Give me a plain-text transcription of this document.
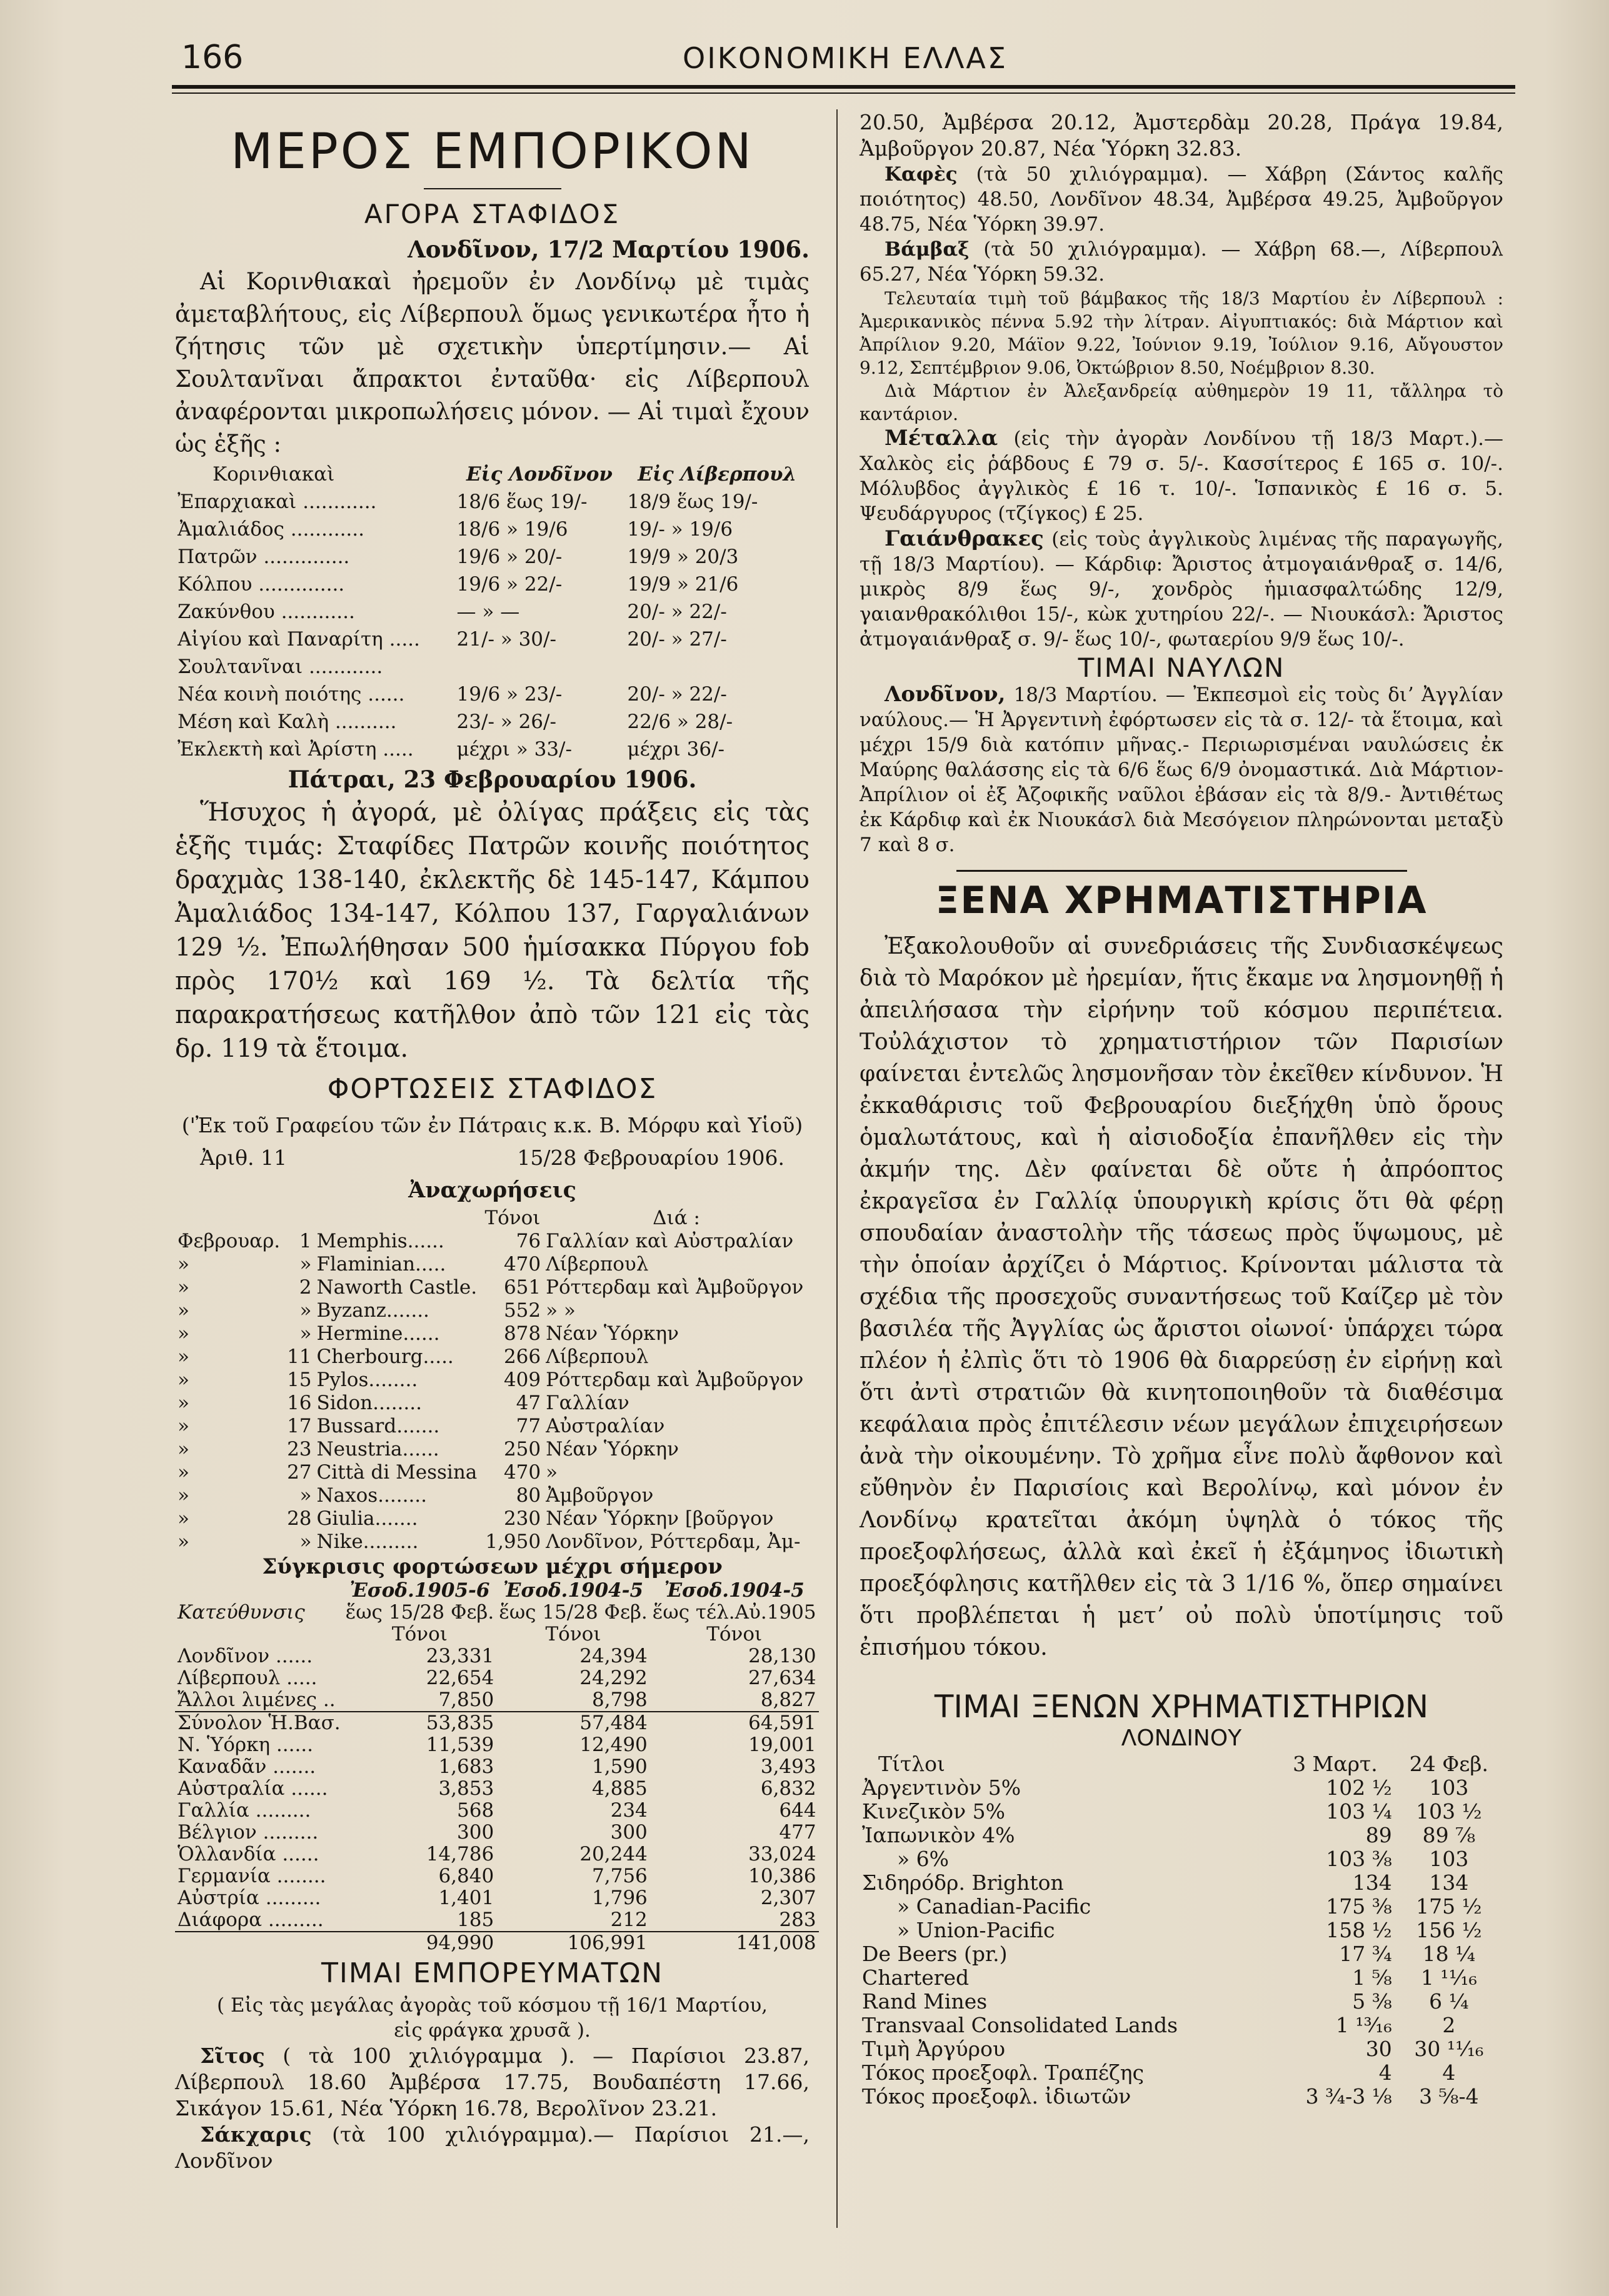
166	ΟΙΚΟΝΟΜΙΚΗ ΕΛΛΑΣ
ΜΕΡΟΣ ΕΜΠΟΡΙΚΟΝ
ΑΓΟΡΑ ΣΤΑΦΙΔΟΣ
Λονδῖνον, 17/2 Μαρτίου 1906.

Αἱ Κορινθιακαὶ ἠρεμοῦν ἐν Λονδίνῳ μὲ τιμὰς ἀμεταβλήτους, εἰς Λίβερπουλ ὅμως γενικωτέρα ἦτο ἡ ζήτησις τῶν μὲ σχετικὴν ὑπερτίμησιν.— Αἱ Σουλτανῖναι ἄπρακτοι ἐνταῦθα· εἰς Λίβερπουλ ἀναφέρονται μικροπωλήσεις μόνον. — Αἱ τιμαὶ ἔχουν ὡς ἑξῆς :

Κορινθιακαὶ	Εἰς Λονδῖνον	Εἰς Λίβερπουλ
Ἐπαρχιακαὶ ............	18/6 ἕως 19/-	18/9 ἕως 19/-
Ἀμαλιάδος ............	18/6 » 19/6	19/- » 19/6
Πατρῶν ..............	19/6 » 20/-	19/9 » 20/3
Κόλπου ..............	19/6 » 22/-	19/9 » 21/6
Ζακύνθου ............	— » —	20/- » 22/-
Αἰγίου καὶ Παναρίτη .....	21/- » 30/-	20/- » 27/-
Σουλτανῖναι ............		
Νέα κοινὴ ποιότης ......	19/6 » 23/-	20/- » 22/-
Μέση καὶ Καλὴ ..........	23/- » 26/-	22/6 » 28/-
Ἐκλεκτὴ καὶ Ἀρίστη .....	μέχρι » 33/-	μέχρι 36/-
Πάτραι, 23 Φεβρουαρίου 1906.

Ἥσυχος ἡ ἀγορά, μὲ ὀλίγας πράξεις εἰς τὰς ἑξῆς τιμάς: Σταφίδες Πατρῶν κοινῆς ποιότητος δραχμὰς 138-140, ἐκλεκτῆς δὲ 145-147, Κάμπου Ἀμαλιάδος 134-147, Κόλπου 137, Γαργαλιάνων 129 ½. Ἐπωλήθησαν 500 ἡμίσακκα Πύργου fob πρὸς 170½ καὶ 169 ½. Τὰ δελτία τῆς παρακρατήσεως κατῆλθον ἀπὸ τῶν 121 εἰς τὰς δρ. 119 τὰ ἕτοιμα.

ΦΟΡΤΩΣΕΙΣ ΣΤΑΦΙΔΟΣ
('Ἐκ τοῦ Γραφείου τῶν ἐν Πάτραις κ.κ. Β. Μόρφυ καὶ Υἱοῦ)
Ἀριθ. 11	15/28 Φεβρουαρίου 1906.
Ἀναχωρήσεις
			Τόνοι	Διά :
Φεβρουαρ.	1	Memphis......	76	Γαλλίαν καὶ Αὐστραλίαν
»	»	Flaminian.....	470	Λίβερπουλ
»	2	Naworth Castle.	651	Ρόττερδαμ καὶ Ἀμβοῦργον
»	»	Byzanz.......	552	» »
»	»	Hermine......	878	Νέαν Ὑόρκην
»	11	Cherbourg.....	266	Λίβερπουλ
»	15	Pylos........	409	Ρόττερδαμ καὶ Ἀμβοῦργον
»	16	Sidon........	47	Γαλλίαν
»	17	Bussard.......	77	Αὐστραλίαν
»	23	Neustria......	250	Νέαν Ὑόρκην
»	27	Città di Messina	470	»
»	»	Naxos........	80	Ἀμβοῦργον
»	28	Giulia.......	230	Νέαν Ὑόρκην [βοῦργον
»	»	Nike.........	1,950	Λονδῖνον, Ρόττερδαμ, Ἀμ-
Σύγκρισις φορτώσεων μέχρι σήμερον
	Ἐσοδ.1905-6	Ἐσοδ.1904-5	Ἐσοδ.1904-5
Κατεύθυνσις	ἕως 15/28 Φεβ.	ἕως 15/28 Φεβ.	ἕως τέλ.Αὐ.1905
	Τόνοι	Τόνοι	Τόνοι
Λονδῖνον ......	23,331	24,394	28,130
Λίβερπουλ .....	22,654	24,292	27,634
Ἄλλοι λιμένες ..	7,850	8,798	8,827
Σύνολον Ἡ.Βασ.	53,835	57,484	64,591
Ν. Ὑόρκη ......	11,539	12,490	19,001
Καναδᾶν .......	1,683	1,590	3,493
Αὐστραλία ......	3,853	4,885	6,832
Γαλλία .........	568	234	644
Βέλγιον .........	300	300	477
Ὁλλανδία ......	14,786	20,244	33,024
Γερμανία ........	6,840	7,756	10,386
Αὐστρία .........	1,401	1,796	2,307
Διάφορα .........	185	212	283
	94,990	106,991	141,008
ΤΙΜΑΙ ΕΜΠΟΡΕΥΜΑΤΩΝ
( Εἰς τὰς μεγάλας ἀγορὰς τοῦ κόσμου τῇ 16/1 Μαρτίου, εἰς φράγκα χρυσᾶ ).

Σῖτος ( τὰ 100 χιλιόγραμμα ). — Παρίσιοι 23.87, Λίβερπουλ 18.60 Ἀμβέρσα 17.75, Βουδαπέστη 17.66, Σικάγον 15.61, Νέα Ὑόρκη 16.78, Βερολῖνον 23.21.

Σάκχαρις (τὰ 100 χιλιόγραμμα).— Παρίσιοι 21.—, Λονδῖνον

20.50, Ἀμβέρσα 20.12, Ἀμστερδὰμ 20.28, Πράγα 19.84, Ἀμβοῦργον 20.87, Νέα Ὑόρκη 32.83.

Καφὲς (τὰ 50 χιλιόγραμμα). — Χάβρη (Σάντος καλῆς ποιότητος) 48.50, Λονδῖνον 48.34, Ἀμβέρσα 49.25, Ἀμβοῦργον 48.75, Νέα Ὑόρκη 39.97.

Βάμβαξ (τὰ 50 χιλιόγραμμα). — Χάβρη 68.—, Λίβερπουλ 65.27, Νέα Ὑόρκη 59.32.

Τελευταία τιμὴ τοῦ βάμβακος τῆς 18/3 Μαρτίου ἐν Λίβερπουλ : Ἀμερικανικὸς πέννα 5.92 τὴν λίτραν. Αἰγυπτιακός: διὰ Μάρτιον καὶ Ἀπρίλιον 9.20, Μάϊον 9.22, Ἰούνιον 9.19, Ἰούλιον 9.16, Αὔγουστον 9.12, Σεπτέμβριον 9.06, Ὀκτώβριον 8.50, Νοέμβριον 8.30.

Διὰ Μάρτιον ἐν Ἀλεξανδρείᾳ αὐθημερὸν 19 11, τἄλληρα τὸ καντάριον.

Μέταλλα (εἰς τὴν ἀγορὰν Λονδίνου τῇ 18/3 Μαρτ.).—Χαλκὸς εἰς ῥάβδους £ 79 σ. 5/-. Κασσίτερος £ 165 σ. 10/-. Μόλυβδος ἀγγλικὸς £ 16 τ. 10/-. Ἱσπανικὸς £ 16 σ. 5. Ψευδάργυρος (τζίγκος) £ 25.

Γαιάνθρακες (εἰς τοὺς ἀγγλικοὺς λιμένας τῆς παραγωγῆς, τῇ 18/3 Μαρτίου). — Κάρδιφ: Ἄριστος ἀτμογαιάνθραξ σ. 14/6, μικρὸς 8/9 ἕως 9/-, χονδρὸς ἡμιασφαλτώδης 12/9, γαιανθρακόλιθοι 15/-, κὼκ χυτηρίου 22/-. — Νιουκάσλ: Ἄριστος ἀτμογαιάνθραξ σ. 9/- ἕως 10/-, φωταερίου 9/9 ἕως 10/-.

ΤΙΜΑΙ ΝΑΥΛΩΝ

Λονδῖνον, 18/3 Μαρτίου. — Ἐκπεσμοὶ εἰς τοὺς διʼ Ἀγγλίαν ναύλους.— Ἡ Ἀργεντινὴ ἐφόρτωσεν εἰς τὰ σ. 12/- τὰ ἕτοιμα, καὶ μέχρι 15/9 διὰ κατόπιν μῆνας.- Περιωρισμέναι ναυλώσεις ἐκ Μαύρης θαλάσσης εἰς τὰ 6/6 ἕως 6/9 ὀνομαστικά. Διὰ Μάρτιον-Ἀπρίλιον οἱ ἐξ Ἀζοφικῆς ναῦλοι ἐβάσαν εἰς τὰ 8/9.- Ἀντιθέτως ἐκ Κάρδιφ καὶ ἐκ Νιουκάσλ διὰ Μεσόγειον πληρώνονται μεταξὺ 7 καὶ 8 σ.

ΞΕΝΑ ΧΡΗΜΑΤΙΣΤΗΡΙΑ

Ἐξακολουθοῦν αἱ συνεδριάσεις τῆς Συνδιασκέψεως διὰ τὸ Μαρόκον μὲ ἠρεμίαν, ἥτις ἔκαμε να λησμονηθῇ ἡ ἀπειλήσασα τὴν εἰρήνην τοῦ κόσμου περιπέτεια. Τοὐλάχιστον τὸ χρηματιστήριον τῶν Παρισίων φαίνεται ἐντελῶς λησμονῆσαν τὸν ἐκεῖθεν κίνδυνον. Ἡ ἐκκαθάρισις τοῦ Φεβρουαρίου διεξήχθη ὑπὸ ὅρους ὁμαλωτάτους, καὶ ἡ αἰσιοδοξία ἐπανῆλθεν εἰς τὴν ἀκμήν της. Δὲν φαίνεται δὲ οὔτε ἡ ἀπρόοπτος ἐκραγεῖσα ἐν Γαλλίᾳ ὑπουργικὴ κρίσις ὅτι θὰ φέρῃ σπουδαίαν ἀναστολὴν τῆς τάσεως πρὸς ὕψωμους, μὲ τὴν ὁποίαν ἀρχίζει ὁ Μάρτιος. Κρίνονται μάλιστα τὰ σχέδια τῆς προσεχοῦς συναντήσεως τοῦ Καίζερ μὲ τὸν βασιλέα τῆς Ἀγγλίας ὡς ἄριστοι οἰωνοί· ὑπάρχει τώρα πλέον ἡ ἐλπὶς ὅτι τὸ 1906 θὰ διαρρεύσῃ ἐν εἰρήνῃ καὶ ὅτι ἀντὶ στρατιῶν θὰ κινητοποιηθοῦν τὰ διαθέσιμα κεφάλαια πρὸς ἐπιτέλεσιν νέων μεγάλων ἐπιχειρήσεων ἀνὰ τὴν οἰκουμένην. Τὸ χρῆμα εἶνε πολὺ ἄφθονον καὶ εὔθηνὸν ἐν Παρισίοις καὶ Βερολίνῳ, καὶ μόνον ἐν Λονδίνῳ κρατεῖται ἀκόμη ὑψηλὰ ὁ τόκος τῆς προεξοφλήσεως, ἀλλὰ καὶ ἐκεῖ ἡ ἐξάμηνος ἰδιωτικὴ προεξόφλησις κατῆλθεν εἰς τὰ 3 1/16 %, ὅπερ σημαίνει ὅτι προβλέπεται ἡ μετʼ οὐ πολὺ ὑποτίμησις τοῦ ἐπισήμου τόκου.

ΤΙΜΑΙ ΞΕΝΩΝ ΧΡΗΜΑΤΙΣΤΗΡΙΩΝ
ΛΟΝΔΙΝΟΥ
Τίτλοι	3 Μαρτ.	24 Φεβ.
Ἀργεντινὸν 5%	102 ½	103
Κινεζικὸν 5%	103 ¼	103 ½
Ἰαπωνικὸν 4%	89	89 ⅞
» 6%	103 ⅜	103
Σιδηρόδρ. Brighton	134	134
» Canadian-Pacific	175 ⅜	175 ½
» Union-Pacific	158 ½	156 ½
De Beers (pr.)	17 ¾	18 ¼
Chartered	1 ⅝	1 ¹¹⁄₁₆
Rand Mines	5 ⅜	6 ¼
Transvaal Consolidated Lands	1 ¹³⁄₁₆	2
Τιμὴ Ἀργύρου	30	30 ¹¹⁄₁₆
Τόκος προεξοφλ. Τραπέζης	4	4
Τόκος προεξοφλ. ἰδιωτῶν	3 ¾-3 ⅛	3 ⅝-4
